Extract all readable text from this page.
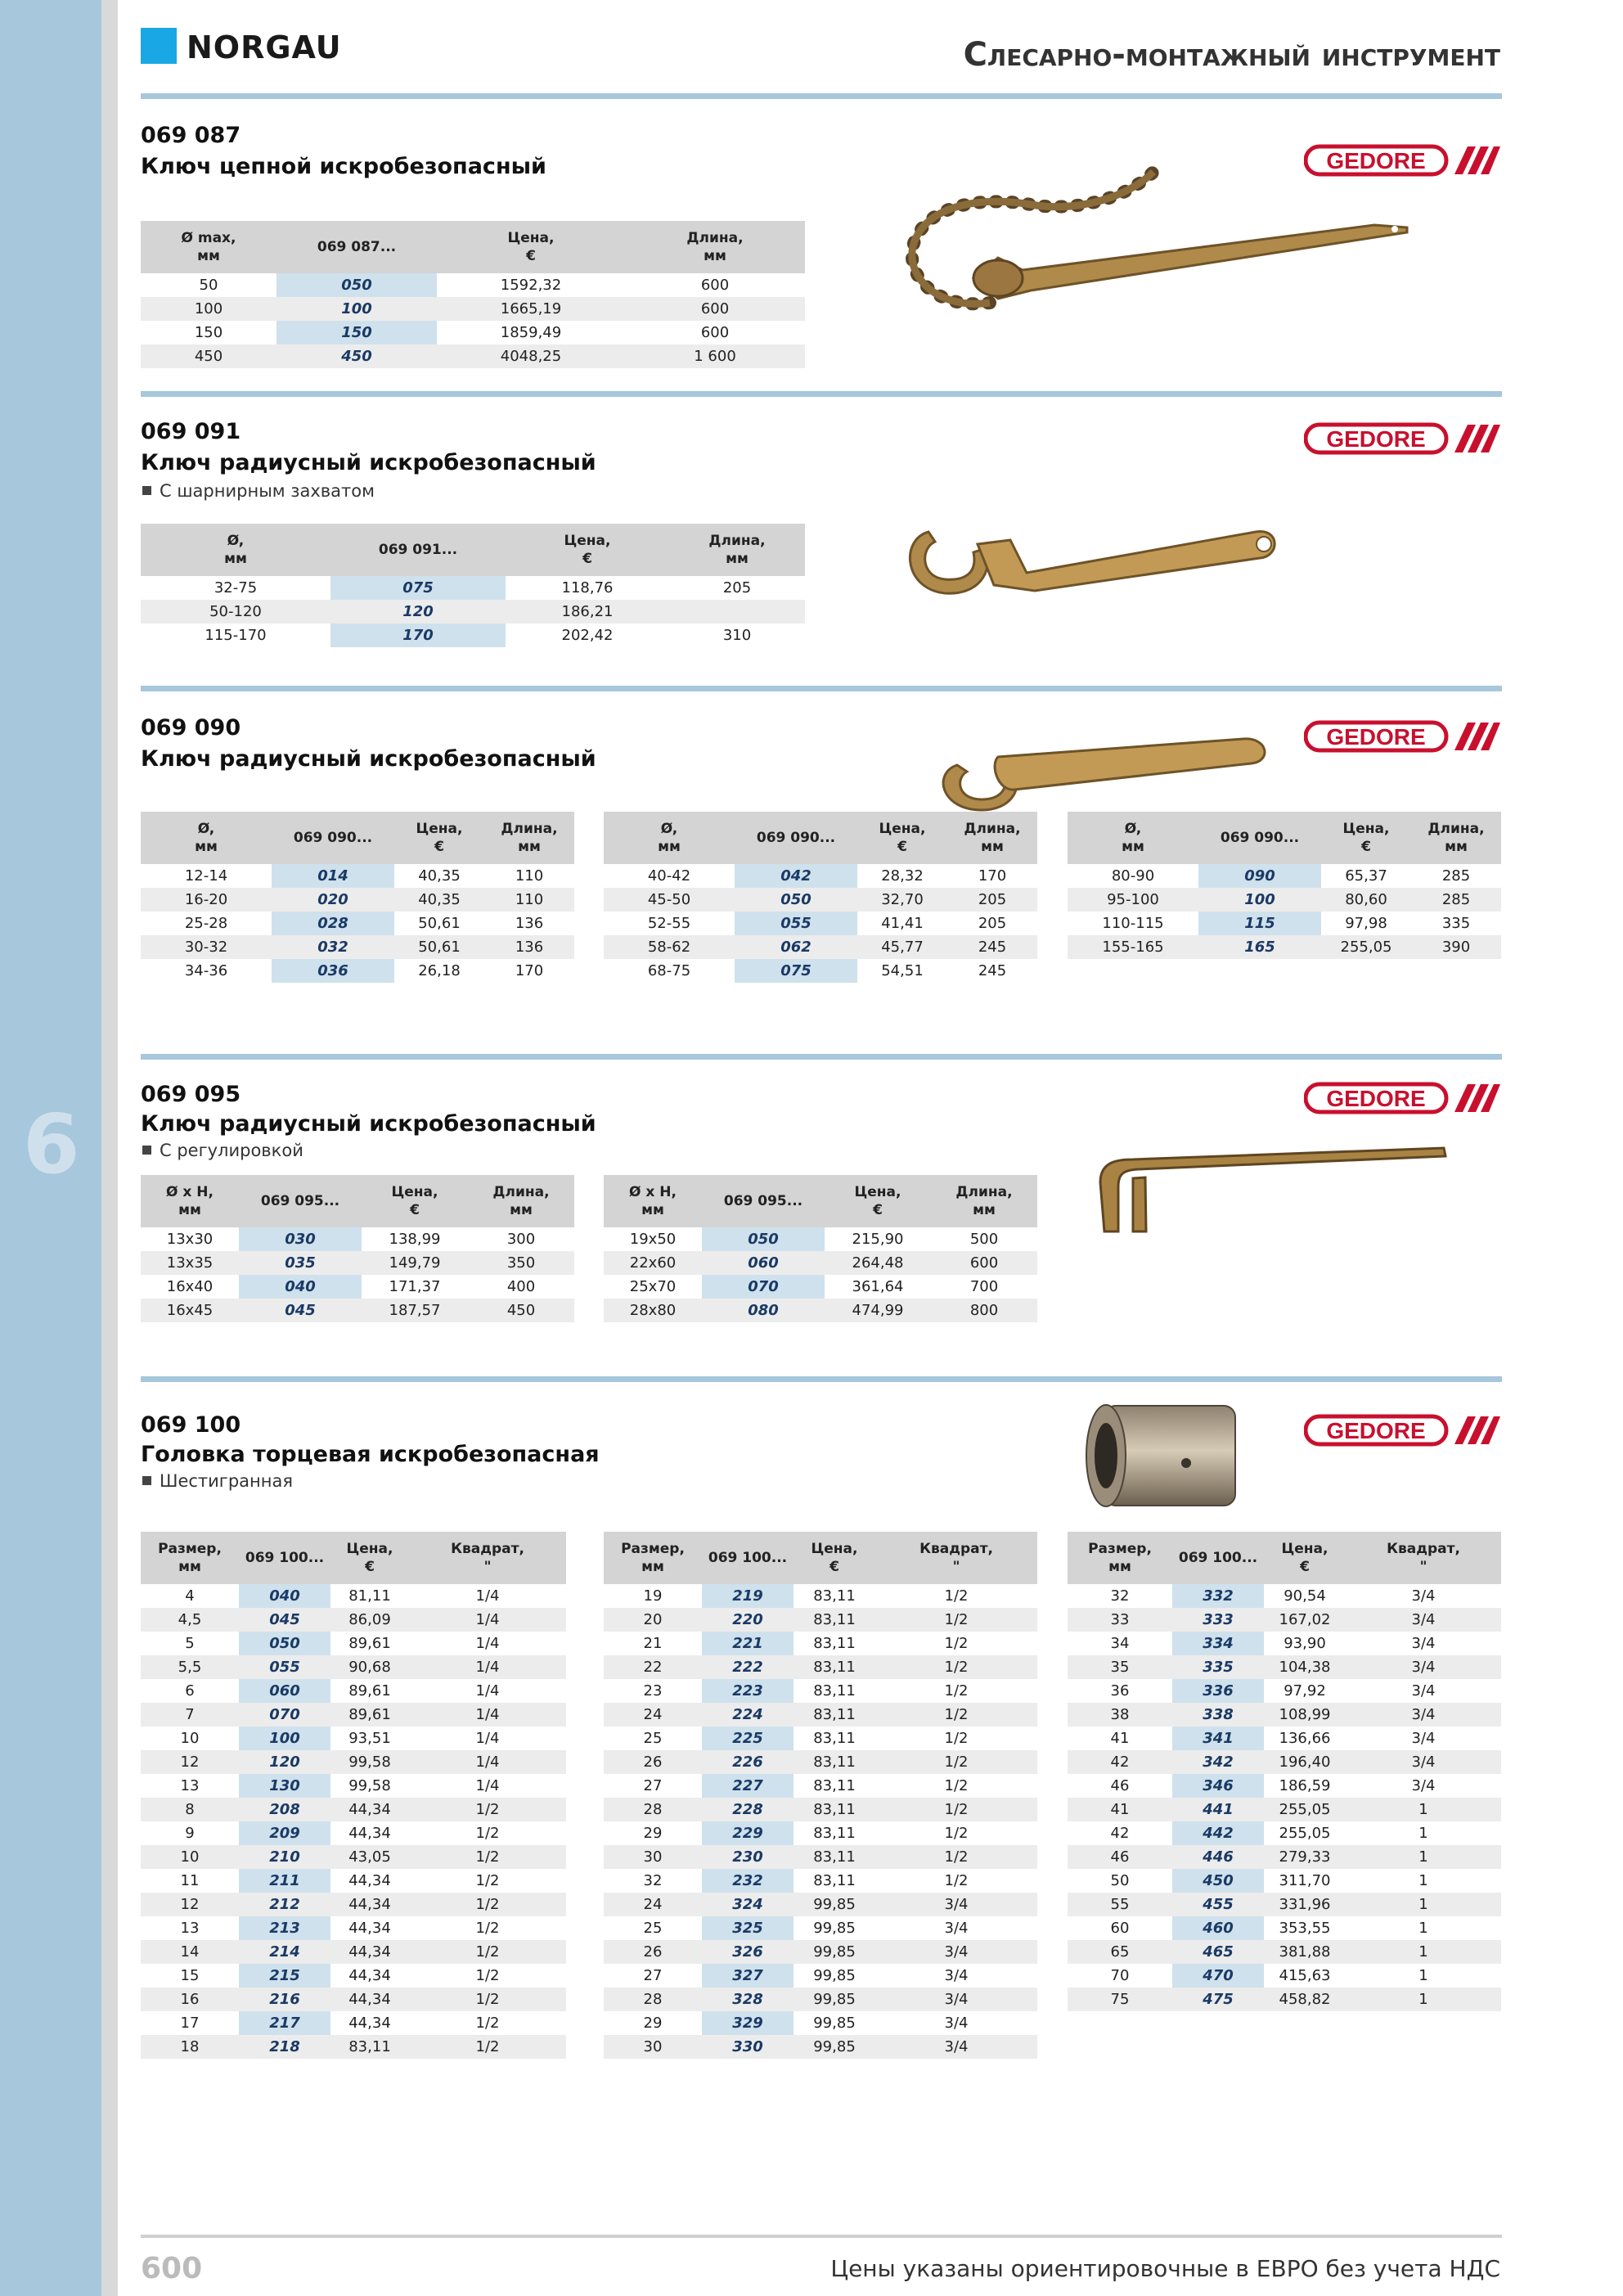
6
NORGAU	Слесарно-монтажный инструмент
069 087
Ключ цепной искробезопасный	GEDORE
Ø max,
мм	069 087...	Цена,
€	Длина,
мм
50	050	1592,32	600
100	100	1665,19	600
150	150	1859,49	600
450	450	4048,25	1 600
069 091
Ключ радиусный искробезопасный
С шарнирным захватом
GEDORE
Ø,
мм	069 091...	Цена,
€	Длина,
мм
32-75	075	118,76	205
50-120	120	186,21	
115-170	170	202,42	310
069 090
Ключ радиусный искробезопасный
GEDORE
Ø,
мм	069 090...	Цена,
€	Длина,
мм
12-14	014	40,35	110
16-20	020	40,35	110
25-28	028	50,61	136
30-32	032	50,61	136
34-36	036	26,18	170
Ø,
мм	069 090...	Цена,
€	Длина,
мм
40-42	042	28,32	170
45-50	050	32,70	205
52-55	055	41,41	205
58-62	062	45,77	245
68-75	075	54,51	245
Ø,
мм	069 090...	Цена,
€	Длина,
мм
80-90	090	65,37	285
95-100	100	80,60	285
110-115	115	97,98	335
155-165	165	255,05	390
069 095
Ключ радиусный искробезопасный
С регулировкой
GEDORE
Ø x H,
мм	069 095...	Цена,
€	Длина,
мм
13x30	030	138,99	300
13x35	035	149,79	350
16x40	040	171,37	400
16x45	045	187,57	450
Ø x H,
мм	069 095...	Цена,
€	Длина,
мм
19x50	050	215,90	500
22x60	060	264,48	600
25x70	070	361,64	700
28x80	080	474,99	800
069 100
Головка торцевая искробезопасная
Шестигранная
GEDORE
Размер,
мм	069 100...	Цена,
€	Квадрат,
"
4	040	81,11	1/4
4,5	045	86,09	1/4
5	050	89,61	1/4
5,5	055	90,68	1/4
6	060	89,61	1/4
7	070	89,61	1/4
10	100	93,51	1/4
12	120	99,58	1/4
13	130	99,58	1/4
8	208	44,34	1/2
9	209	44,34	1/2
10	210	43,05	1/2
11	211	44,34	1/2
12	212	44,34	1/2
13	213	44,34	1/2
14	214	44,34	1/2
15	215	44,34	1/2
16	216	44,34	1/2
17	217	44,34	1/2
18	218	83,11	1/2
Размер,
мм	069 100...	Цена,
€	Квадрат,
"
19	219	83,11	1/2
20	220	83,11	1/2
21	221	83,11	1/2
22	222	83,11	1/2
23	223	83,11	1/2
24	224	83,11	1/2
25	225	83,11	1/2
26	226	83,11	1/2
27	227	83,11	1/2
28	228	83,11	1/2
29	229	83,11	1/2
30	230	83,11	1/2
32	232	83,11	1/2
24	324	99,85	3/4
25	325	99,85	3/4
26	326	99,85	3/4
27	327	99,85	3/4
28	328	99,85	3/4
29	329	99,85	3/4
30	330	99,85	3/4
Размер,
мм	069 100...	Цена,
€	Квадрат,
"
32	332	90,54	3/4
33	333	167,02	3/4
34	334	93,90	3/4
35	335	104,38	3/4
36	336	97,92	3/4
38	338	108,99	3/4
41	341	136,66	3/4
42	342	196,40	3/4
46	346	186,59	3/4
41	441	255,05	1
42	442	255,05	1
46	446	279,33	1
50	450	311,70	1
55	455	331,96	1
60	460	353,55	1
65	465	381,88	1
70	470	415,63	1
75	475	458,82	1
600	Цены указаны ориентировочные в ЕВРО без учета НДС
